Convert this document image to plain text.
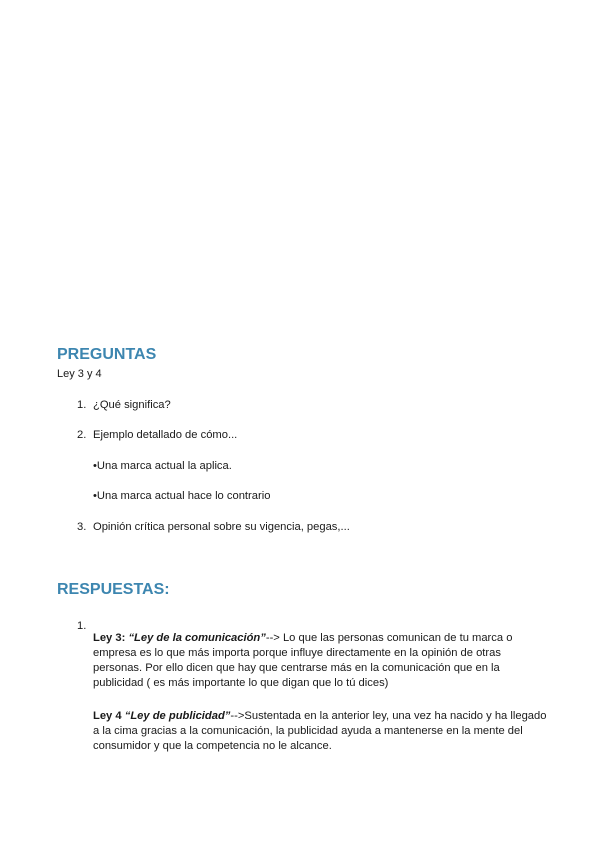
PREGUNTAS

Ley 3 y 4

1. ¿Qué significa?
2. Ejemplo detallado de cómo...
•Una marca actual la aplica.
•Una marca actual hace lo contrario
3. Opinión crítica personal sobre su vigencia, pegas,...
RESPUESTAS:
1.

Ley 3: “Ley de la comunicación”--> Lo que las personas comunican de tu marca o empresa es lo que más importa porque influye directamente en la opinión de otras personas. Por ello dicen que hay que centrarse más en la comunicación que en la publicidad ( es más importante lo que digan que lo tú dices)

Ley 4 “Ley de publicidad”-->Sustentada en la anterior ley, una vez ha nacido y ha llegado a la cima gracias a la comunicación, la publicidad ayuda a mantenerse en la mente del consumidor y que la competencia no le alcance.
